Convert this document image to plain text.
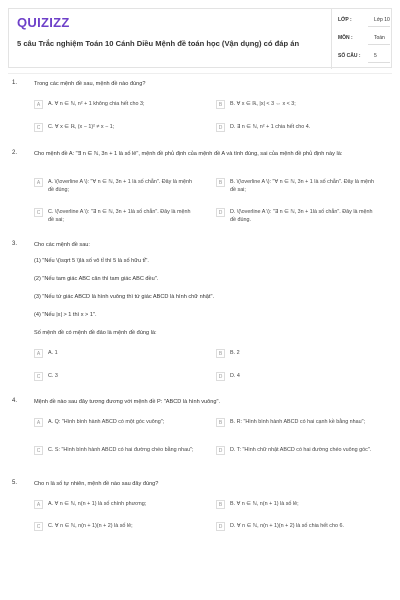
QUIZIZZ
5 câu Trắc nghiệm Toán 10 Cánh Diều Mệnh đề toán học (Vận dụng) có đáp án
LỚP :	Lớp 10
MÔN :	Toán
SỐ CÂU :	5
1.	Trong các mệnh đề sau, mệnh đề nào đúng?
A	A. ∀ n ∈ ℕ, n² + 1 không chia hết cho 3;	B	B. ∀ x ∈ ℝ, |x| < 3 ⇔ x < 3;
C	C. ∀ x ∈ ℝ, (x − 1)² ≠ x − 1;	D	D. ∃ n ∈ ℕ, n² + 1 chia hết cho 4.
2.	Cho mệnh đề A: "∃ n ∈ ℕ, 3n + 1 là số lẻ", mệnh đề phủ định của mệnh đề A và tính đúng, sai của mệnh đề phủ định này là:
A	A. \(\overline A \): "∀ n ∈ ℕ, 3n + 1 là số chẵn". Đây là mệnh đề đúng;
B	B. \(\overline A \): "∀ n ∈ ℕ, 3n + 1 là số chẵn". Đây là mệnh đề sai;
C	C. \(\overline A \): "∃ n ∈ ℕ, 3n + 1là số chẵn". Đây là mệnh đề sai;
D	D. \(\overline A \): "∃ n ∈ ℕ, 3n + 1là số chẵn". Đây là mệnh đề đúng.
3.	Cho các mệnh đề sau:
(1) "Nếu \(\sqrt 5 \)là số vô tỉ thì 5 là số hữu tỉ".
(2) "Nếu tam giác ABC cân thì tam giác ABC đều".
(3) "Nếu tứ giác ABCD là hình vuông thì tứ giác ABCD là hình chữ nhật".
(4) "Nếu |x| > 1 thì x > 1".
Số mệnh đề có mệnh đề đảo là mệnh đề đúng là:
A	A. 1	B	B. 2
C	C. 3	D	D. 4
4.	Mệnh đề nào sau đây tương đương với mệnh đề P: "ABCD là hình vuông".
A	A. Q: "Hình bình hành ABCD có một góc vuông";	B	B. R: "Hình bình hành ABCD có hai cạnh kề bằng nhau";
C	C. S: "Hình bình hành ABCD có hai đường chéo bằng nhau";	D	D. T: "Hình chữ nhật ABCD có hai đường chéo vuông góc".
5.	Cho n là số tự nhiên, mệnh đề nào sau đây đúng?
A	A. ∀ n ∈ ℕ, n(n + 1) là số chính phương;	B	B. ∀ n ∈ ℕ, n(n + 1) là số lẻ;
C	C. ∀ n ∈ ℕ, n(n + 1)(n + 2) là số lẻ;	D	D. ∀ n ∈ ℕ, n(n + 1)(n + 2) là số chia hết cho 6.
